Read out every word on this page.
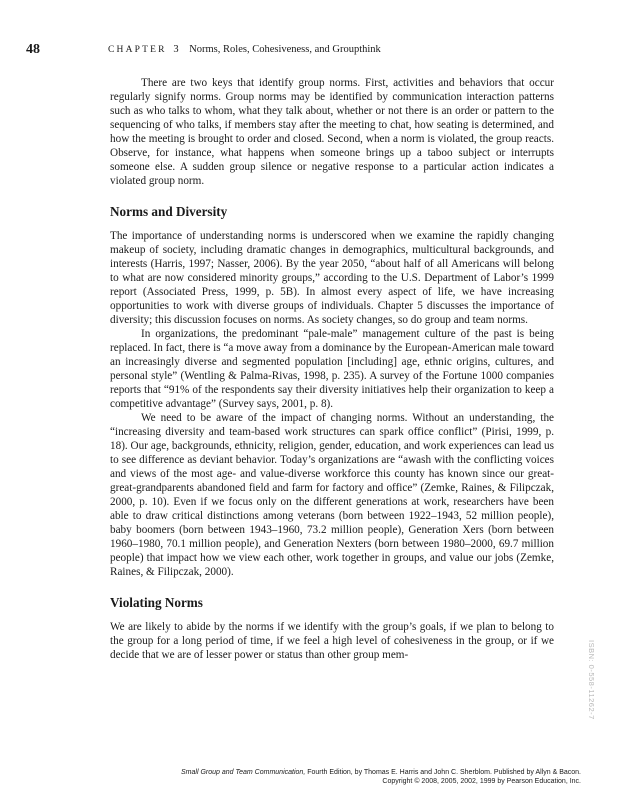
48	CHAPTER 3 Norms, Roles, Cohesiveness, and Groupthink

There are two keys that identify group norms. First, activities and behaviors that occur regularly signify norms. Group norms may be identified by communication interaction patterns such as who talks to whom, what they talk about, whether or not there is an order or pattern to the sequencing of who talks, if members stay after the meeting to chat, how seating is determined, and how the meeting is brought to order and closed. Second, when a norm is violated, the group reacts. Observe, for instance, what happens when someone brings up a taboo subject or interrupts someone else. A sudden group silence or negative response to a particular action indicates a violated group norm.

Norms and Diversity

The importance of understanding norms is underscored when we examine the rapidly changing makeup of society, including dramatic changes in demographics, multicultural backgrounds, and interests (Harris, 1997; Nasser, 2006). By the year 2050, “about half of all Americans will belong to what are now considered minority groups,” according to the U.S. Department of Labor’s 1999 report (Associated Press, 1999, p. 5B). In almost every aspect of life, we have increasing opportunities to work with diverse groups of individuals. Chapter 5 discusses the importance of diversity; this discussion focuses on norms. As society changes, so do group and team norms.

In organizations, the predominant “pale-male” management culture of the past is being replaced. In fact, there is “a move away from a dominance by the European-American male toward an increasingly diverse and segmented population [including] age, ethnic origins, cultures, and personal style” (Wentling & Palma-Rivas, 1998, p. 235). A survey of the Fortune 1000 companies reports that “91% of the respondents say their diversity initiatives help their organization to keep a competitive advantage” (Survey says, 2001, p. 8).

We need to be aware of the impact of changing norms. Without an understanding, the “increasing diversity and team-based work structures can spark office conflict” (Pirisi, 1999, p. 18). Our age, backgrounds, ethnicity, religion, gender, education, and work experiences can lead us to see difference as deviant behavior. Today’s organizations are “awash with the conflicting voices and views of the most age- and value-diverse workforce this county has known since our great-great-grandparents abandoned field and farm for factory and office” (Zemke, Raines, & Filipczak, 2000, p. 10). Even if we focus only on the different generations at work, researchers have been able to draw critical distinctions among veterans (born between 1922–1943, 52 million people), baby boomers (born between 1943–1960, 73.2 million people), Generation Xers (born between 1960–1980, 70.1 million people), and Generation Nexters (born between 1980–2000, 69.7 million people) that impact how we view each other, work together in groups, and value our jobs (Zemke, Raines, & Filipczak, 2000).

Violating Norms

We are likely to abide by the norms if we identify with the group’s goals, if we plan to belong to the group for a long period of time, if we feel a high level of cohesiveness in the group, or if we decide that we are of lesser power or status than other group mem-	ISBN: 0-558-11262-7
Small Group and Team Communication, Fourth Edition, by Thomas E. Harris and John C. Sherblom. Published by Allyn & Bacon.
Copyright © 2008, 2005, 2002, 1999 by Pearson Education, Inc.
